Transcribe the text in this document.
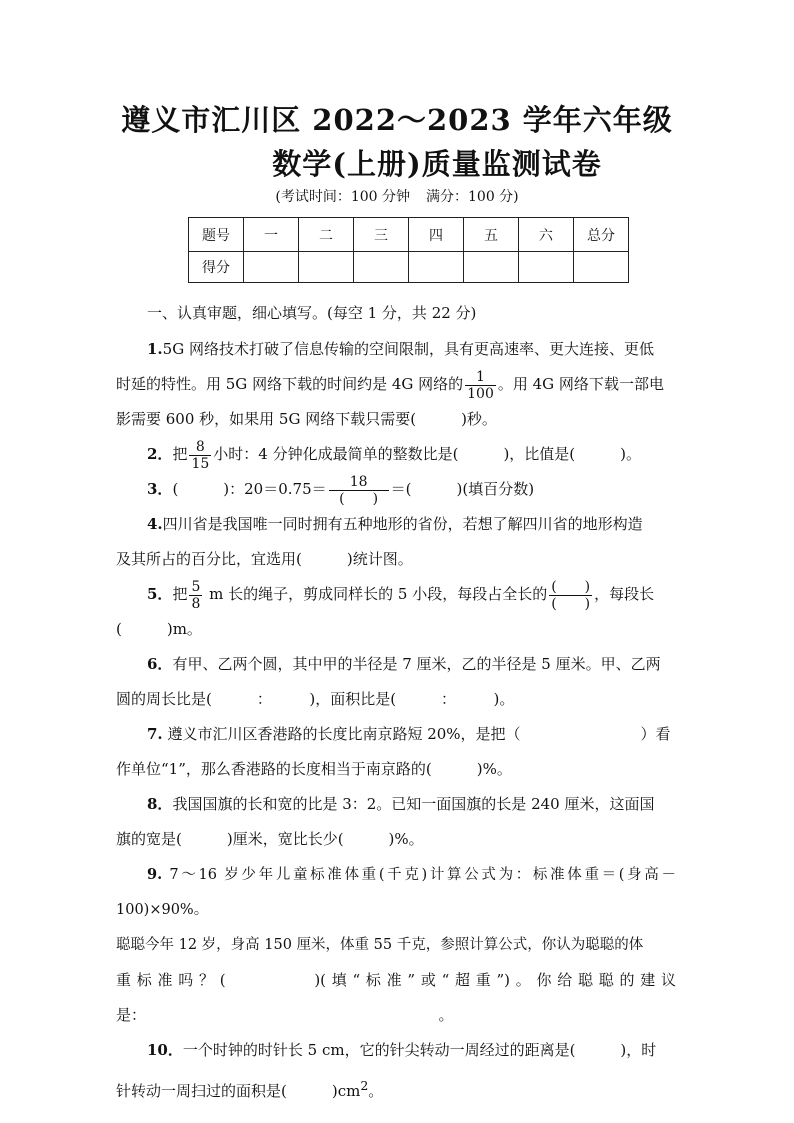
遵义市汇川区 2022～2023 学年六年级
数学(上册)质量监测试卷
(考试时间：100 分钟 满分：100 分)
题号	一	二	三	四	五	六	总分
得分							

一、认真审题，细心填写。(每空 1 分，共 22 分)

1.5G 网络技术打破了信息传输的空间限制，具有更高速率、更大连接、更低

时延的特性。用 5G 网络下载的时间约是 4G 网络的 $\frac{1}{100}$ 。用 4G 网络下载一部电

影需要 600 秒，如果用 5G 网络下载只需要(　　　)秒。

2．把 $\frac{8}{15}$ 小时：4 分钟化成最简单的整数比是(　　　)，比值是(　　　)。

3．(　　　)：$20=0.75= \frac{18}{( )}$ ＝(　　　)(填百分数)

4.四川省是我国唯一同时拥有五种地形的省份，若想了解四川省的地形构造

及其所占的百分比，宜选用(　　　)统计图。

5．把 $\frac{5}{8}$ m 长的绳子，剪成同样长的 5 小段，每段占全长的 $\frac{( )}{( )}$ ，每段长

(　　　)m。

6．有甲、乙两个圆，其中甲的半径是 7 厘米，乙的半径是 5 厘米。甲、乙两

圆的周长比是(　　　：　　　)，面积比是(　　　：　　　)。

7. 遵义市汇川区香港路的长度比南京路短 20%，是把（　　　　　　　　）看

作单位“1”，那么香港路的长度相当于南京路的(　　　)%。

8．我国国旗的长和宽的比是 3：2。已知一面国旗的长是 240 厘米，这面国

旗的宽是(　　　)厘米，宽比长少(　　　)%。

9. 7～16 岁少年儿童标准体重(千克)计算公式为：标准体重＝(身高－100)×90%。

聪聪今年 12 岁，身高 150 厘米，体重 55 千克，参照计算公式，你认为聪聪的体

重标准吗？(　　　　)(填“标准”或“超重”)。你给聪聪的建议

是：　　　　　　　　　　　　　　　　　　　　。

10．一个时钟的时针长 5 cm，它的针尖转动一周经过的距离是(　　　)，时

针转动一周扫过的面积是(　　　)$cm^2$。
